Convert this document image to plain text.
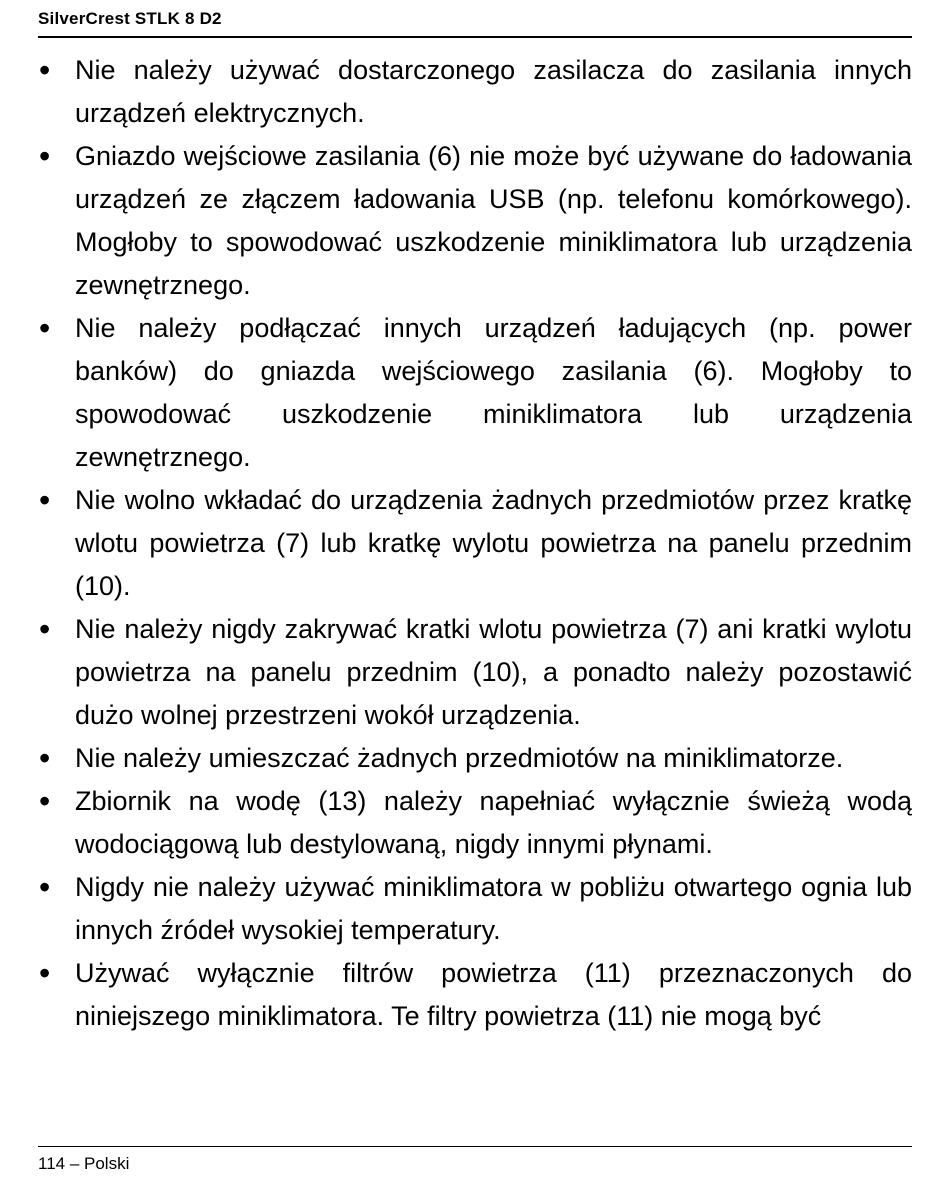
SilverCrest STLK 8 D2
• Nie należy używać dostarczonego zasilacza do zasilania innych urządzeń elektrycznych.
• Gniazdo wejściowe zasilania (6) nie może być używane do ładowania urządzeń ze złączem ładowania USB (np. telefonu komórkowego). Mogłoby to spowodować uszkodzenie miniklimatora lub urządzenia zewnętrznego.
• Nie należy podłączać innych urządzeń ładujących (np. power banków) do gniazda wejściowego zasilania (6). Mogłoby to spowodować uszkodzenie miniklimatora lub urządzenia zewnętrznego.
• Nie wolno wkładać do urządzenia żadnych przedmiotów przez kratkę wlotu powietrza (7) lub kratkę wylotu powietrza na panelu przednim (10).
• Nie należy nigdy zakrywać kratki wlotu powietrza (7) ani kratki wylotu powietrza na panelu przednim (10), a ponadto należy pozostawić dużo wolnej przestrzeni wokół urządzenia.
• Nie należy umieszczać żadnych przedmiotów na miniklimatorze.
• Zbiornik na wodę (13) należy napełniać wyłącznie świeżą wodą wodociągową lub destylowaną, nigdy innymi płynami.
• Nigdy nie należy używać miniklimatora w pobliżu otwartego ognia lub innych źródeł wysokiej temperatury.
• Używać wyłącznie filtrów powietrza (11) przeznaczonych do niniejszego miniklimatora. Te filtry powietrza (11) nie mogą być
114 – Polski
